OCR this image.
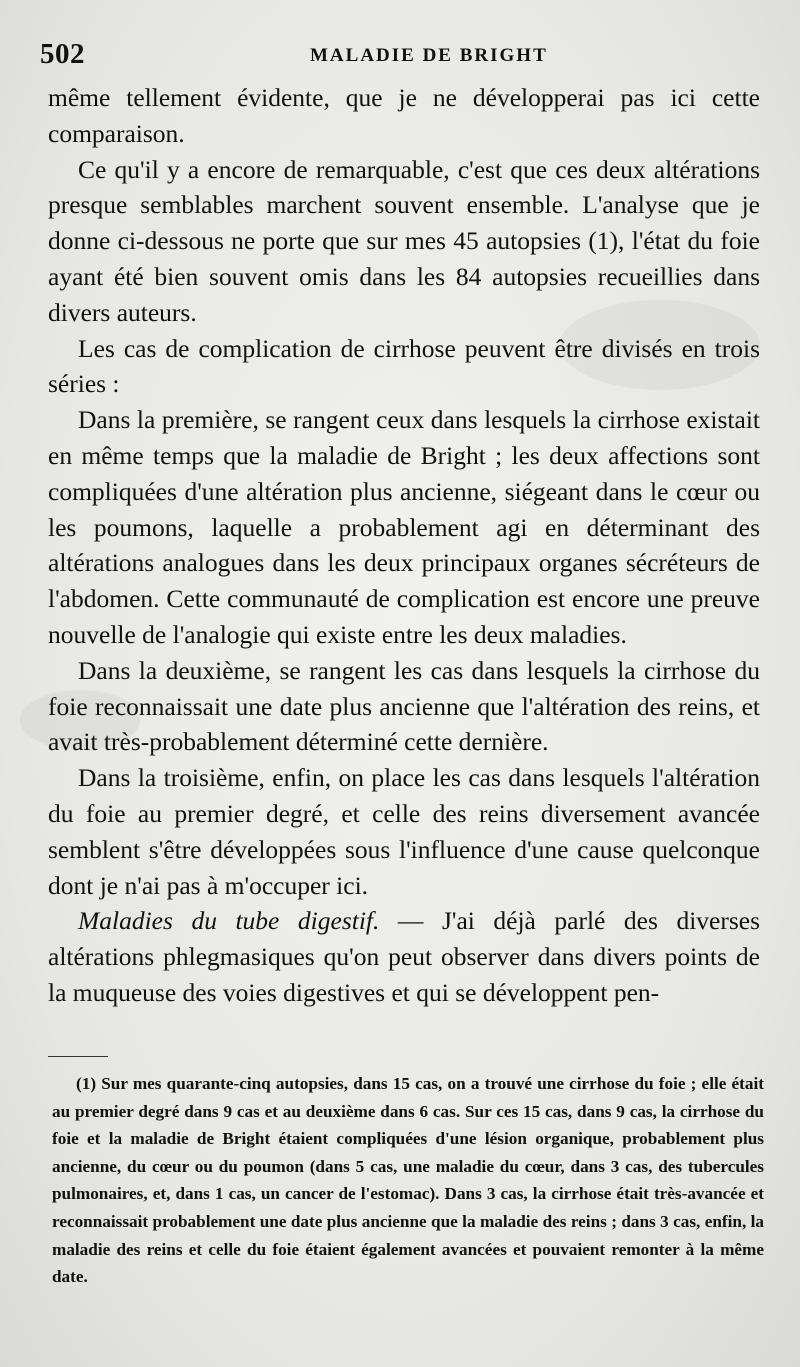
502	MALADIE DE BRIGHT

même tellement évidente, que je ne développerai pas ici cette comparaison.

Ce qu'il y a encore de remarquable, c'est que ces deux altérations presque semblables marchent souvent ensemble. L'analyse que je donne ci-dessous ne porte que sur mes 45 autopsies (1), l'état du foie ayant été bien souvent omis dans les 84 autopsies recueillies dans divers auteurs.

Les cas de complication de cirrhose peuvent être divisés en trois séries :

Dans la première, se rangent ceux dans lesquels la cirrhose existait en même temps que la maladie de Bright ; les deux affections sont compliquées d'une altération plus ancienne, siégeant dans le cœur ou les poumons, laquelle a probablement agi en déterminant des altérations analogues dans les deux principaux organes sécréteurs de l'abdomen. Cette communauté de complication est encore une preuve nouvelle de l'analogie qui existe entre les deux maladies.

Dans la deuxième, se rangent les cas dans lesquels la cirrhose du foie reconnaissait une date plus ancienne que l'altération des reins, et avait très-probablement déterminé cette dernière.

Dans la troisième, enfin, on place les cas dans lesquels l'altération du foie au premier degré, et celle des reins diversement avancée semblent s'être développées sous l'influence d'une cause quelconque dont je n'ai pas à m'occuper ici.

Maladies du tube digestif. — J'ai déjà parlé des diverses altérations phlegmasiques qu'on peut observer dans divers points de la muqueuse des voies digestives et qui se développent pen-

(1) Sur mes quarante-cinq autopsies, dans 15 cas, on a trouvé une cirrhose du foie ; elle était au premier degré dans 9 cas et au deuxième dans 6 cas. Sur ces 15 cas, dans 9 cas, la cirrhose du foie et la maladie de Bright étaient compliquées d'une lésion organique, probablement plus ancienne, du cœur ou du poumon (dans 5 cas, une maladie du cœur, dans 3 cas, des tubercules pulmonaires, et, dans 1 cas, un cancer de l'estomac). Dans 3 cas, la cirrhose était très-avancée et reconnaissait probablement une date plus ancienne que la maladie des reins ; dans 3 cas, enfin, la maladie des reins et celle du foie étaient également avancées et pouvaient remonter à la même date.
